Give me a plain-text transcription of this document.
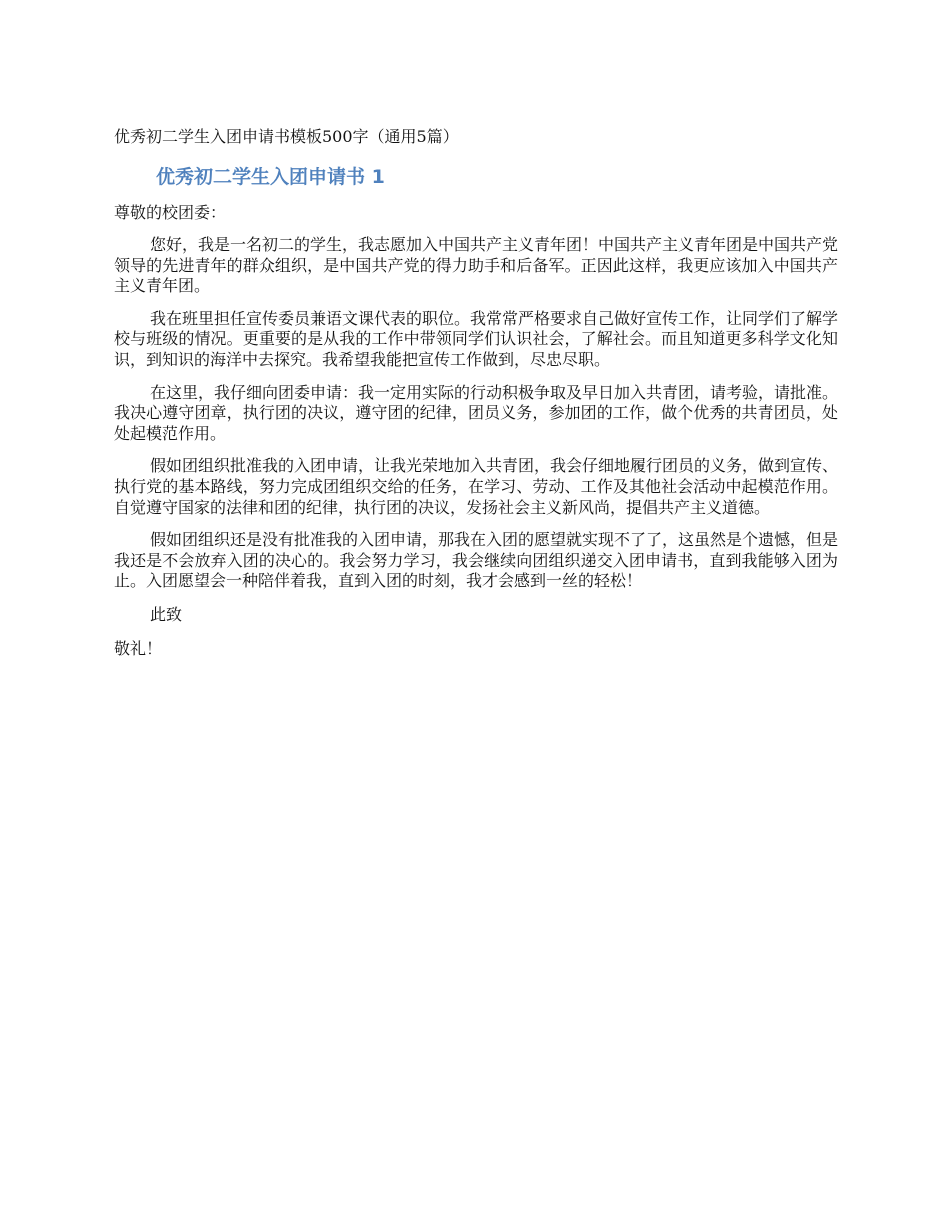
优秀初二学生入团申请书模板500字（通用5篇）
优秀初二学生入团申请书 1
尊敬的校团委：

您好，我是一名初二的学生，我志愿加入中国共产主义青年团！中国共产主义青年团是中国共产党领导的先进青年的群众组织，是中国共产党的得力助手和后备军。正因此这样，我更应该加入中国共产主义青年团。

我在班里担任宣传委员兼语文课代表的职位。我常常严格要求自己做好宣传工作，让同学们了解学校与班级的情况。更重要的是从我的工作中带领同学们认识社会，了解社会。而且知道更多科学文化知识，到知识的海洋中去探究。我希望我能把宣传工作做到，尽忠尽职。

在这里，我仔细向团委申请：我一定用实际的行动积极争取及早日加入共青团，请考验，请批准。我决心遵守团章，执行团的决议，遵守团的纪律，团员义务，参加团的工作，做个优秀的共青团员，处处起模范作用。

假如团组织批准我的入团申请，让我光荣地加入共青团，我会仔细地履行团员的义务，做到宣传、执行党的基本路线，努力完成团组织交给的任务，在学习、劳动、工作及其他社会活动中起模范作用。自觉遵守国家的法律和团的纪律，执行团的决议，发扬社会主义新风尚，提倡共产主义道德。

假如团组织还是没有批准我的入团申请，那我在入团的愿望就实现不了了，这虽然是个遗憾，但是我还是不会放弃入团的决心的。我会努力学习，我会继续向团组织递交入团申请书，直到我能够入团为止。入团愿望会一种陪伴着我，直到入团的时刻，我才会感到一丝的轻松！

此致
敬礼！
